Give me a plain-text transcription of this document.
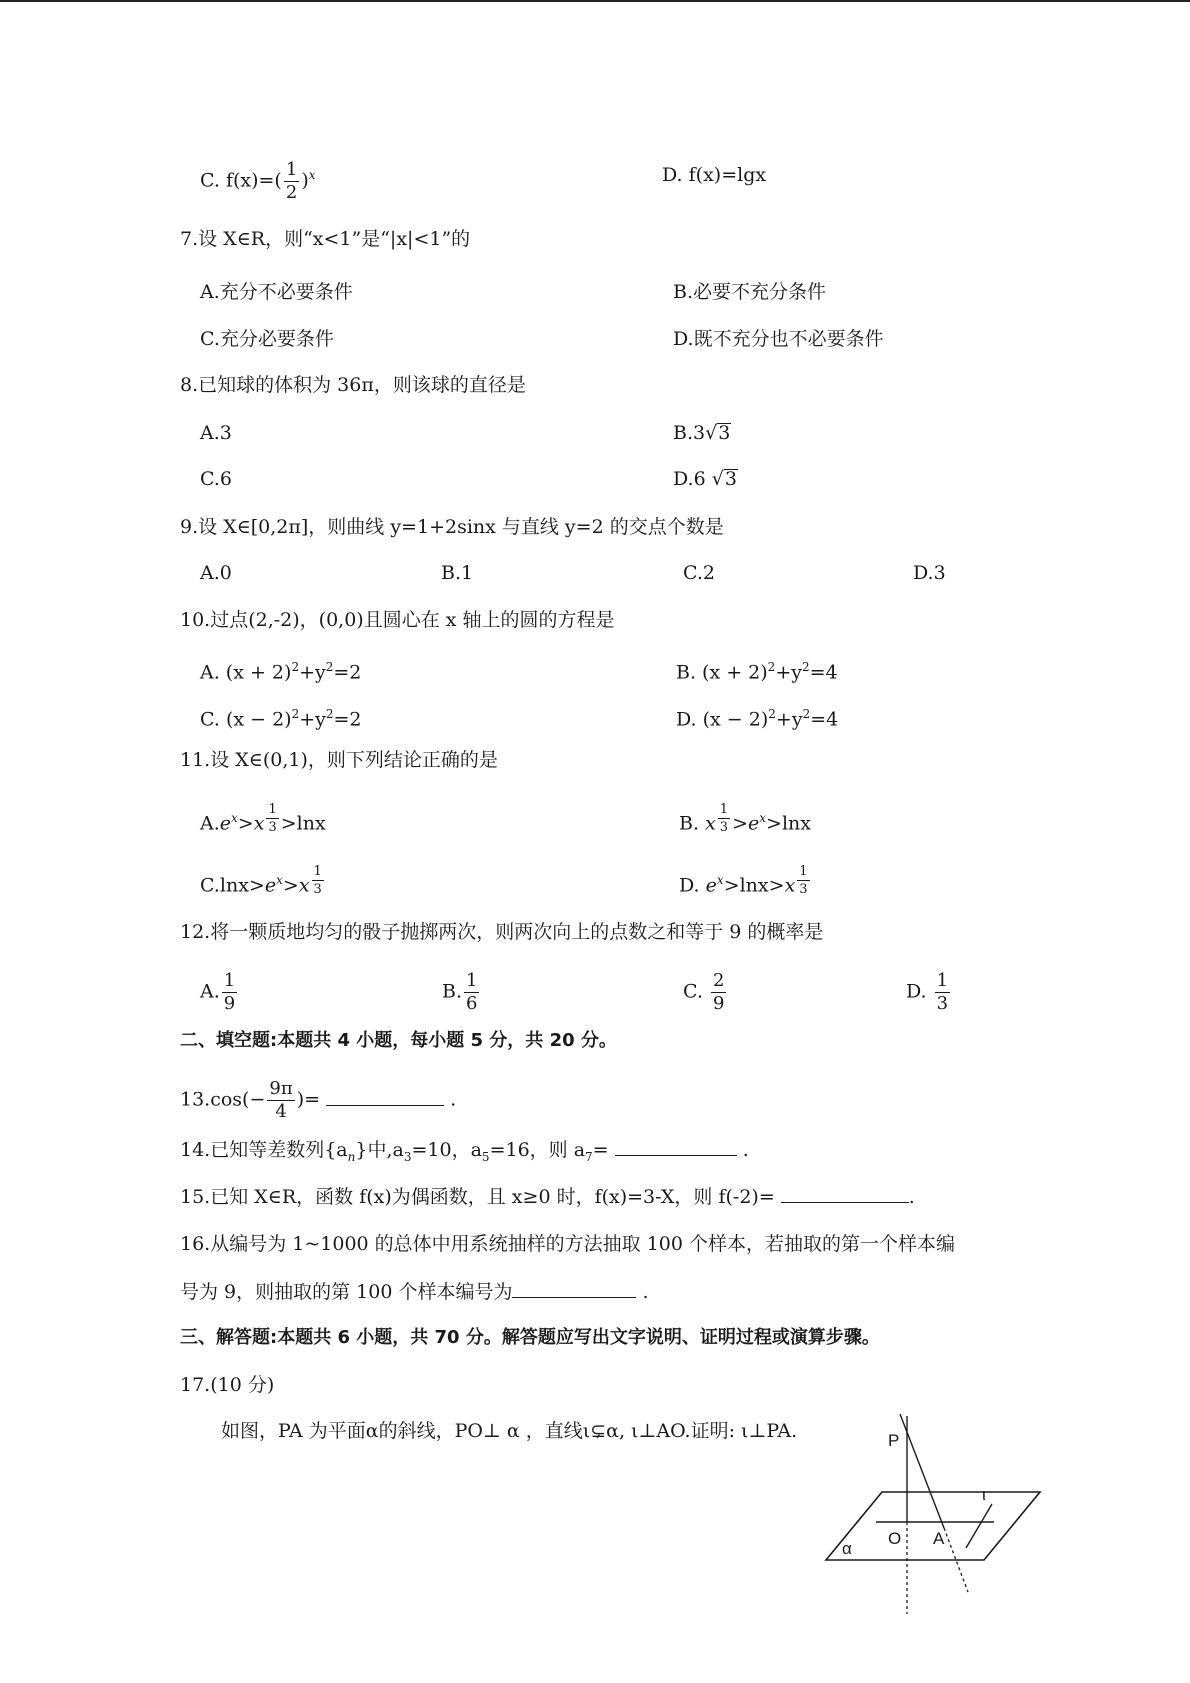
C. $f(x)=( \frac{1}{2} )^x$	D. f(x)=lgx
7.设 X∈R，则“x<1”是“|x|<1”的
A.充分不必要条件	B.必要不充分条件
C.充分必要条件	D.既不充分也不必要条件
8.已知球的体积为 36π，则该球的直径是
A.3	B.3√3
C.6	D.6 √3
9.设 X∈[0,2π]，则曲线 y=1+2sinx 与直线 y=2 的交点个数是
A.0	B.1	C.2	D.3
10.过点(2,-2)，(0,0)且圆心在 x 轴上的圆的方程是
A. $(x + 2)^2+y^2=2$	B. $(x + 2)^2+y^2=4$
C. $(x - 2)^2+y^2=2$	D. $(x - 2)^2+y^2=4$
11.设 X∈(0,1)，则下列结论正确的是
$A.e^x>x$ $^{\frac{1}{3}}$ >lnx	B. x $^{\frac{1}{3}} >e^x>\ln x$
$C.\ln x>e^x>x$ $^{\frac{1}{3}}$	D. $e^x>\ln x>x$ $^{\frac{1}{3}}$
12.将一颗质地均匀的骰子抛掷两次，则两次向上的点数之和等于 9 的概率是
A. $\frac{1}{9}$	B. $\frac{1}{6}$	C. $\frac{2}{9}$	D. $\frac{1}{3}$
二、填空题:本题共 4 小题，每小题 5 分，共 20 分。
$13.\cos(- \frac{9\pi}{4}$ )=	.
14.已知等差数列$\{a_n\}$中$,a_3=10$，$a_5=16$，则 $a_7=$	.
15.已知 X∈R，函数 f(x)为偶函数，且 x≥0 时，f(x)=3-X，则 f(-2)=	.
16.从编号为 1~1000 的总体中用系统抽样的方法抽取 100 个样本，若抽取的第一个样本编
号为 9，则抽取的第 100 个样本编号为	.
三、解答题:本题共 6 小题，共 70 分。解答题应写出文字说明、证明过程或演算步骤。
17.(10 分)
如图，PA 为平面α的斜线，PO⊥ α ，直线ι⊊α, ι⊥AO.证明: ι⊥PA.	P
O A
α
ι
